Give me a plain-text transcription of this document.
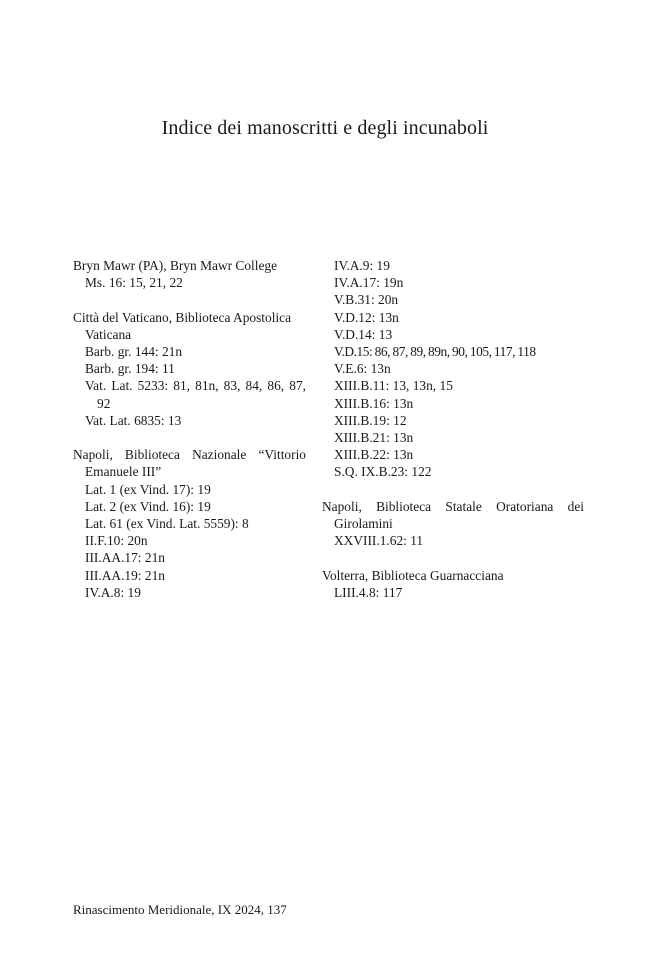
Indice dei manoscritti e degli incunaboli
Bryn Mawr (PA), Bryn Mawr College
Ms. 16: 15, 21, 22
Città del Vaticano, Biblioteca Apostolica Vaticana
Barb. gr. 144: 21n
Barb. gr. 194: 11
Vat. Lat. 5233: 81, 81n, 83, 84, 86, 87, 92
Vat. Lat. 6835: 13
Napoli, Biblioteca Nazionale “Vittorio Emanuele III”
Lat. 1 (ex Vind. 17): 19
Lat. 2 (ex Vind. 16): 19
Lat. 61 (ex Vind. Lat. 5559): 8
II.F.10: 20n
III.AA.17: 21n
III.AA.19: 21n
IV.A.8: 19
IV.A.9: 19
IV.A.17: 19n
V.B.31: 20n
V.D.12: 13n
V.D.14: 13
V.D.15: 86, 87, 89, 89n, 90, 105, 117, 118
V.E.6: 13n
XIII.B.11: 13, 13n, 15
XIII.B.16: 13n
XIII.B.19: 12
XIII.B.21: 13n
XIII.B.22: 13n
S.Q. IX.B.23: 122
Napoli, Biblioteca Statale Oratoriana dei Girolamini
XXVIII.1.62: 11
Volterra, Biblioteca Guarnacciana
LIII.4.8: 117
Rinascimento Meridionale, IX 2024, 137
